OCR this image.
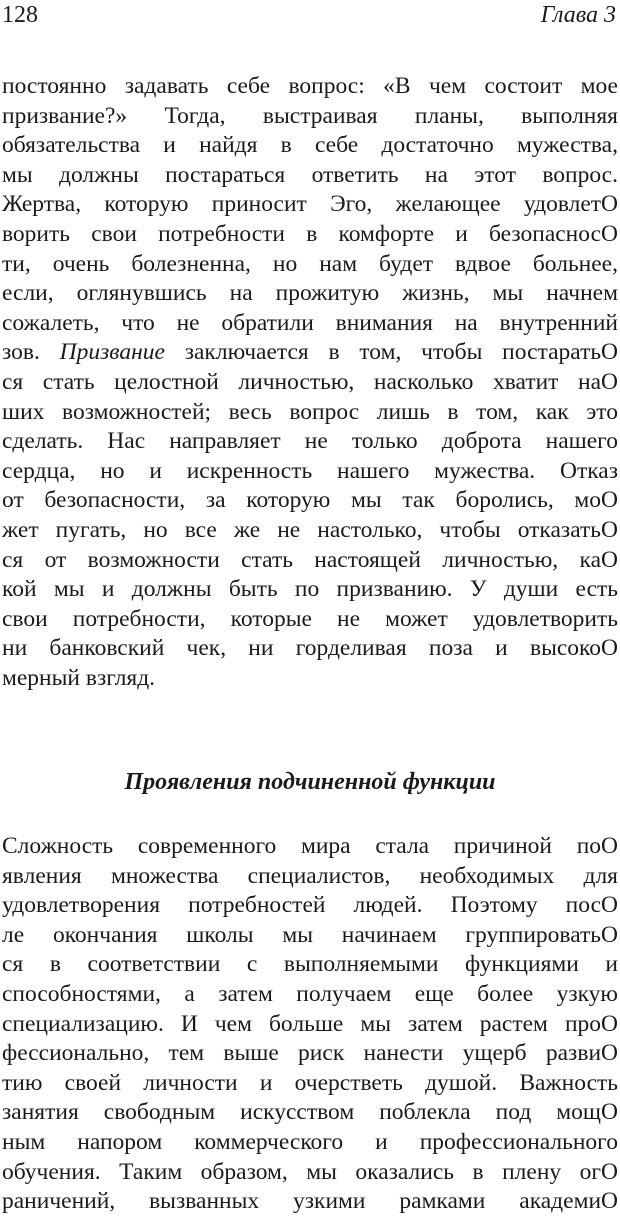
128	Глава 3
постоянно задавать себе вопрос: «В чем состоит мое
призвание?» Тогда, выстраивая планы, выполняя
обязательства и найдя в себе достаточно мужества,
мы должны постараться ответить на этот вопрос.
Жертва, которую приносит Эго, желающее удовлетО
ворить свои потребности в комфорте и безопасносО
ти, очень болезненна, но нам будет вдвое больнее,
если, оглянувшись на прожитую жизнь, мы начнем
сожалеть, что не обратили внимания на внутренний
зов. Призвание заключается в том, чтобы постаратьО
ся стать целостной личностью, насколько хватит наО
ших возможностей; весь вопрос лишь в том, как это
сделать. Нас направляет не только доброта нашего
сердца, но и искренность нашего мужества. Отказ
от безопасности, за которую мы так боролись, моО
жет пугать, но все же не настолько, чтобы отказатьО
ся от возможности стать настоящей личностью, каО
кой мы и должны быть по призванию. У души есть
свои потребности, которые не может удовлетворить
ни банковский чек, ни горделивая поза и высокоО
мерный взгляд.
Проявления подчиненной функции
Сложность современного мира стала причиной поО
явления множества специалистов, необходимых для
удовлетворения потребностей людей. Поэтому посО
ле окончания школы мы начинаем группироватьО
ся в соответствии с выполняемыми функциями и
способностями, а затем получаем еще более узкую
специализацию. И чем больше мы затем растем проО
фессионально, тем выше риск нанести ущерб развиО
тию своей личности и очерстветь душой. Важность
занятия свободным искусством поблекла под мощО
ным напором коммерческого и профессионального
обучения. Таким образом, мы оказались в плену огО
раничений, вызванных узкими рамками академиО
